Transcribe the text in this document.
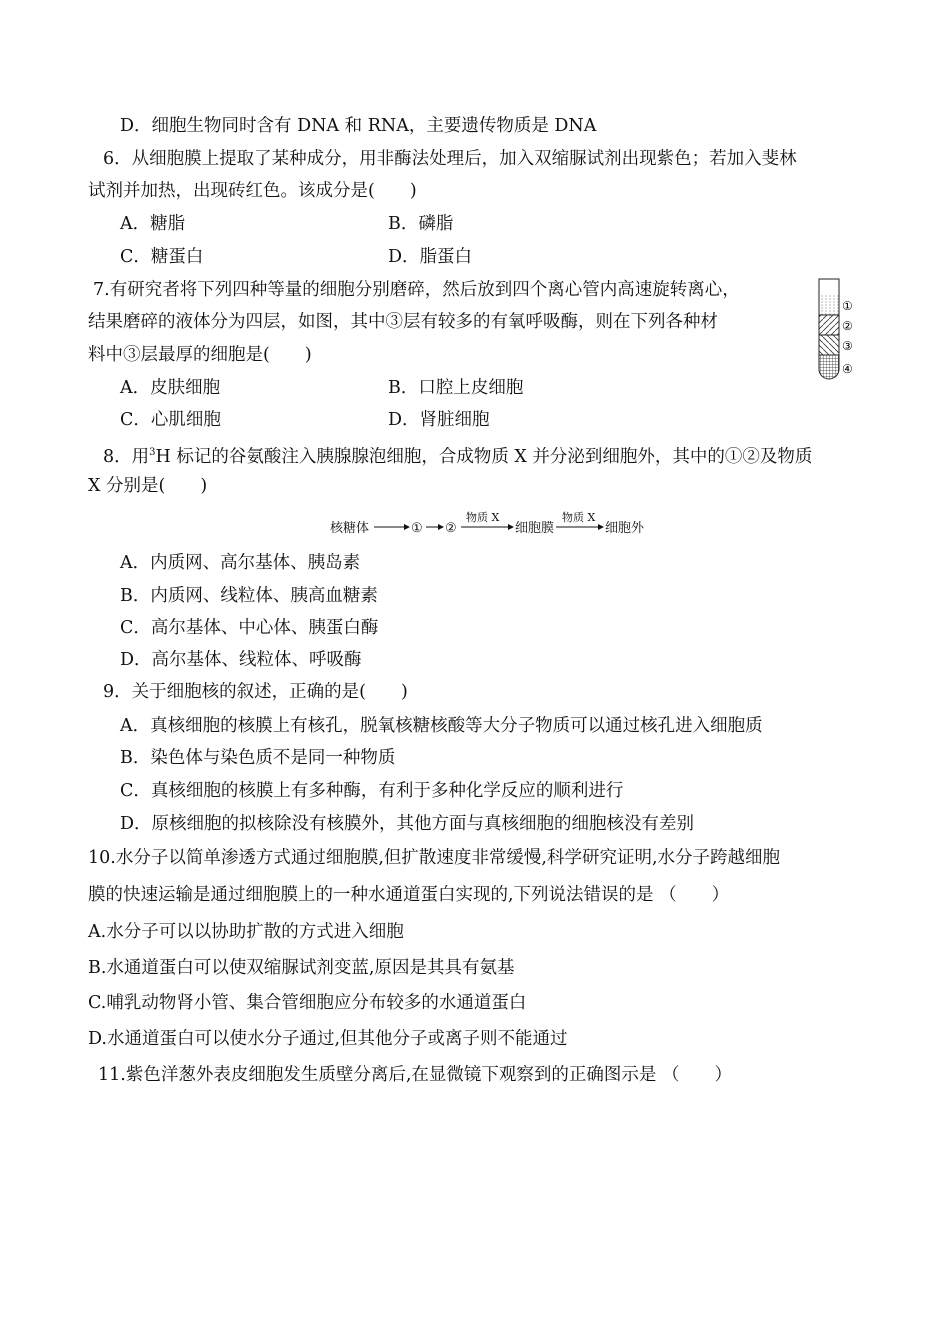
D．细胞生物同时含有 DNA 和 RNA，主要遗传物质是 DNA
6．从细胞膜上提取了某种成分，用非酶法处理后，加入双缩脲试剂出现紫色；若加入斐林
试剂并加热，出现砖红色。该成分是(　　)
A．糖脂	B．磷脂
C．糖蛋白	D．脂蛋白
7.有研究者将下列四种等量的细胞分别磨碎，然后放到四个离心管内高速旋转离心，
结果磨碎的液体分为四层，如图，其中③层有较多的有氧呼吸酶，则在下列各种材
料中③层最厚的细胞是(　　)
A．皮肤细胞	B．口腔上皮细胞
C．心肌细胞	D．肾脏细胞
①
②
③
④
8．用$^3$H 标记的谷氨酸注入胰腺腺泡细胞，合成物质 X 并分泌到细胞外，其中的①②及物质
X 分别是(　　)
核糖体	① ②
物质 X
细胞膜
物质 X
细胞外
A．内质网、高尔基体、胰岛素
B．内质网、线粒体、胰高血糖素
C．高尔基体、中心体、胰蛋白酶
D．高尔基体、线粒体、呼吸酶
9．关于细胞核的叙述，正确的是(　　)
A．真核细胞的核膜上有核孔，脱氧核糖核酸等大分子物质可以通过核孔进入细胞质
B．染色体与染色质不是同一种物质
C．真核细胞的核膜上有多种酶，有利于多种化学反应的顺利进行
D．原核细胞的拟核除没有核膜外，其他方面与真核细胞的细胞核没有差别
10.水分子以简单渗透方式通过细胞膜,但扩散速度非常缓慢,科学研究证明,水分子跨越细胞
膜的快速运输是通过细胞膜上的一种水通道蛋白实现的,下列说法错误的是 （　　）
A.水分子可以以协助扩散的方式进入细胞
B.水通道蛋白可以使双缩脲试剂变蓝,原因是其具有氨基
C.哺乳动物肾小管、集合管细胞应分布较多的水通道蛋白
D.水通道蛋白可以使水分子通过,但其他分子或离子则不能通过
11.紫色洋葱外表皮细胞发生质壁分离后,在显微镜下观察到的正确图示是 （　　）
